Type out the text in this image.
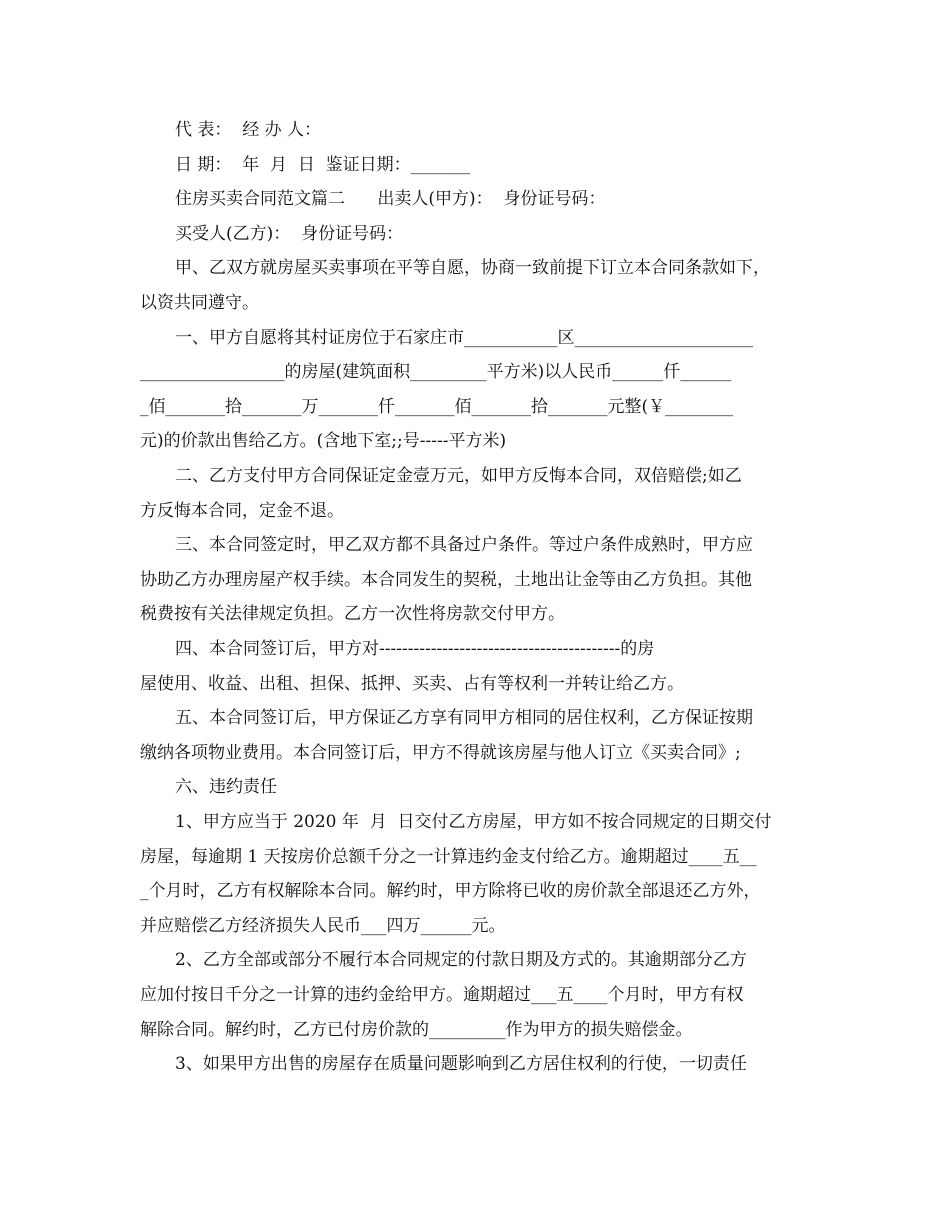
代 表：  经 办 人：
日 期：  年  月  日  鉴证日期：_______
住房买卖合同范文篇二      出卖人(甲方)：  身份证号码：
买受人(乙方)：  身份证号码：
甲、乙双方就房屋买卖事项在平等自愿，协商一致前提下订立本合同条款如下，
以资共同遵守。
一、甲方自愿将其村证房位于石家庄市___________区_____________________
_________________的房屋(建筑面积_________平方米)以人民币______仟______
_佰_______拾_______万_______仟_______佰_______拾_______元整(￥________
元)的价款出售给乙方。(含地下室;;号-----平方米)
二、乙方支付甲方合同保证定金壹万元，如甲方反悔本合同，双倍赔偿;如乙
方反悔本合同，定金不退。
三、本合同签定时，甲乙双方都不具备过户条件。等过户条件成熟时，甲方应
协助乙方办理房屋产权手续。本合同发生的契税，土地出让金等由乙方负担。其他
税费按有关法律规定负担。乙方一次性将房款交付甲方。
四、本合同签订后，甲方对------------------------------------------的房
屋使用、收益、出租、担保、抵押、买卖、占有等权利一并转让给乙方。
五、本合同签订后，甲方保证乙方享有同甲方相同的居住权利，乙方保证按期
缴纳各项物业费用。本合同签订后，甲方不得就该房屋与他人订立《买卖合同》;
六、违约责任
1、甲方应当于 2020 年  月  日交付乙方房屋，甲方如不按合同规定的日期交付
房屋，每逾期 1 天按房价总额千分之一计算违约金支付给乙方。逾期超过____五__
_个月时，乙方有权解除本合同。解约时，甲方除将已收的房价款全部退还乙方外，
并应赔偿乙方经济损失人民币___四万______元。
2、乙方全部或部分不履行本合同规定的付款日期及方式的。其逾期部分乙方
应加付按日千分之一计算的违约金给甲方。逾期超过___五____个月时，甲方有权
解除合同。解约时，乙方已付房价款的_________作为甲方的损失赔偿金。
3、如果甲方出售的房屋存在质量问题影响到乙方居住权利的行使，一切责任
